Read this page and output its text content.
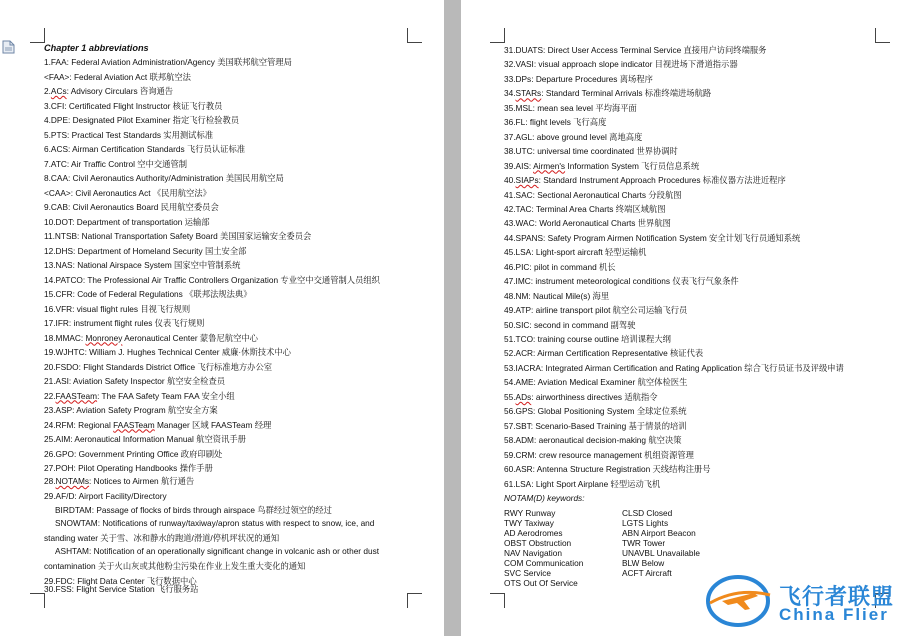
Chapter 1 abbreviations
1.FAA: Federal Aviation Administration/Agency 美国联邦航空管理局
<FAA>: Federal Aviation Act 联邦航空法
2.ACs: Advisory Circulars 咨询通告
3.CFI: Certificated Flight Instructor 核证飞行教员
4.DPE: Designated Pilot Examiner 指定飞行检验教员
5.PTS: Practical Test Standards 实用测试标准
6.ACS: Airman Certification Standards 飞行员认证标准
7.ATC: Air Traffic Control 空中交通管制
8.CAA: Civil Aeronautics Authority/Administration 美国民用航空局
<CAA>: Civil Aeronautics Act 《民用航空法》
9.CAB: Civil Aeronautics Board 民用航空委员会
10.DOT: Department of transportation 运输部
11.NTSB: National Transportation Safety Board 美国国家运输安全委员会
12.DHS: Department of Homeland Security 国土安全部
13.NAS: National Airspace System 国家空中管制系统
14.PATCO: The Professional Air Traffic Controllers Organization 专业空中交通管制人员组织
15.CFR: Code of Federal Regulations 《联邦法规法典》
16.VFR: visual flight rules 目视飞行规则
17.IFR: instrument flight rules 仪表飞行规则
18.MMAC: Monroney Aeronautical Center 蒙鲁尼航空中心
19.WJHTC: William J. Hughes Technical Center 威廉·休斯技术中心
20.FSDO: Flight Standards District Office 飞行标准地方办公室
21.ASI: Aviation Safety Inspector 航空安全检查员
22.FAASTeam: The FAA Safety Team FAA 安全小组
23.ASP: Aviation Safety Program 航空安全方案
24.RFM: Regional FAASTeam Manager 区域 FAASTeam 经理
25.AIM: Aeronautical Information Manual 航空资讯手册
26.GPO: Government Printing Office 政府印刷处
27.POH: Pilot Operating Handbooks 操作手册
28.NOTAMs: Notices to Airmen 航行通告
29.AF/D: Airport Facility/Directory
BIRDTAM: Passage of flocks of birds through airspace 鸟群经过领空的经过
SNOWTAM: Notifications of runway/taxiway/apron status with respect to snow, ice, and
standing water 关于雪、冰和静水的跑道/滑道/停机坪状况的通知
ASHTAM: Notification of an operationally significant change in volcanic ash or other dust
contamination 关于火山灰或其他粉尘污染在作业上发生重大变化的通知
29.FDC: Flight Data Center 飞行数据中心
30.FSS: Flight Service Station 飞行服务站
31.DUATS: Direct User Access Terminal Service 直接用户访问终端服务
32.VASI: visual approach slope indicator 目视进场下滑道指示器
33.DPs: Departure Procedures 离场程序
34.STARs: Standard Terminal Arrivals 标准终端进场航路
35.MSL: mean sea level 平均海平面
36.FL: flight levels 飞行高度
37.AGL: above ground level 离地高度
38.UTC: universal time coordinated 世界协调时
39.AIS: Airmen's Information System 飞行员信息系统
40.SIAPs: Standard Instrument Approach Procedures 标准仪器方法进近程序
41.SAC: Sectional Aeronautical Charts 分段航图
42.TAC: Terminal Area Charts 终端区域航图
43.WAC: World Aeronautical Charts 世界航图
44.SPANS: Safety Program Airmen Notification System 安全计划飞行员通知系统
45.LSA: Light-sport aircraft 轻型运输机
46.PIC: pilot in command 机长
47.IMC: instrument meteorological conditions 仪表飞行气象条件
48.NM: Nautical Mile(s) 海里
49.ATP: airline transport pilot 航空公司运输飞行员
50.SIC: second in command 副驾驶
51.TCO: training course outline 培训课程大纲
52.ACR: Airman Certification Representative 核证代表
53.IACRA: Integrated Airman Certification and Rating Application 综合飞行员证书及评级申请
54.AME: Aviation Medical Examiner 航空体检医生
55.ADs: airworthiness directives 适航指令
56.GPS: Global Positioning System 全球定位系统
57.SBT: Scenario-Based Training 基于情景的培训
58.ADM: aeronautical decision-making 航空决策
59.CRM: crew resource management 机组资源管理
60.ASR: Antenna Structure Registration 天线结构注册号
61.LSA: Light Sport Airplane 轻型运动飞机
NOTAM(D) keywords:
RWY Runway
TWY Taxiway
AD Aerodromes
OBST Obstruction
NAV Navigation
COM Communication
SVC Service
OTS Out Of Service
CLSD Closed
LGTS Lights
ABN Airport Beacon
TWR Tower
UNAVBL Unavailable
BLW Below
ACFT Aircraft
飞行者联盟
China Flier
